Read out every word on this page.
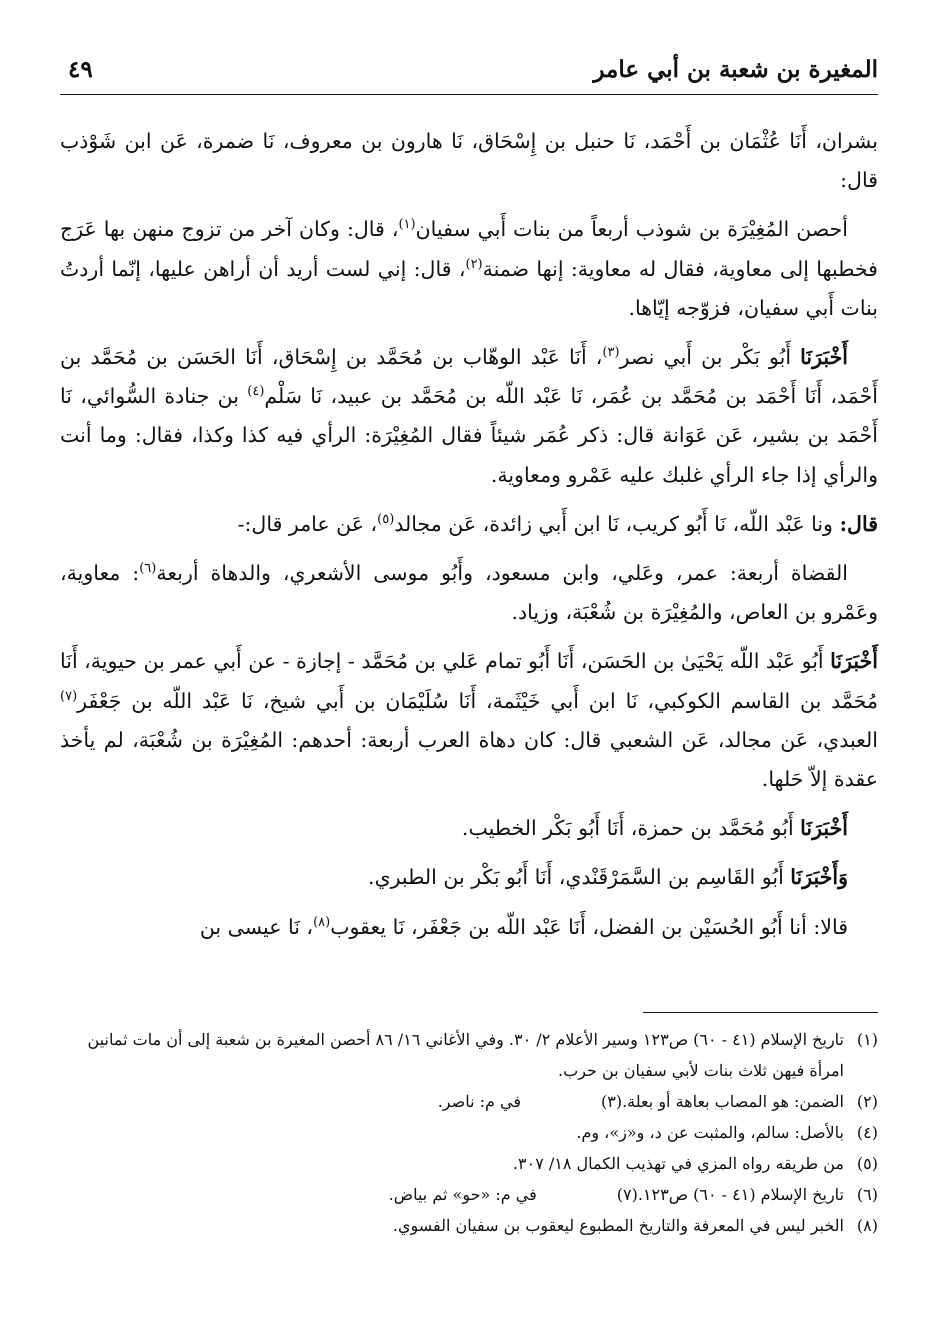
المغيرة بن شعبة بن أبي عامر
٤٩

بشران، أَنَا عُثْمَان بن أَحْمَد، نَا حنبل بن إِسْحَاق، نَا هارون بن معروف، نَا ضمرة، عَن ابن شَوْذب قال:

أحصن المُغِيْرَة بن شوذب أربعاً من بنات أَبي سفيان$^{(١)}$، قال: وكان آخر من تزوج منهن بها عَرَج فخطبها إلى معاوية، فقال له معاوية: إنها ضمنة$^{(٢)}$، قال: إني لست أريد أن أراهن عليها، إنّما أردتُ بنات أَبي سفيان، فزوّجه إيّاها.

أَخْبَرَنَا أَبُو بَكْر بن أَبي نصر$^{(٣)}$، أَنَا عَبْد الوهّاب بن مُحَمَّد بن إِسْحَاق، أَنَا الحَسَن بن مُحَمَّد بن أَحْمَد، أَنَا أَحْمَد بن مُحَمَّد بن عُمَر، نَا عَبْد اللّه بن مُحَمَّد بن عبيد، نَا سَلْم$^{(٤)}$ بن جنادة السُّوائي، نَا أَحْمَد بن بشير، عَن عَوَانة قال: ذكر عُمَر شيئاً فقال المُغِيْرَة: الرأي فيه كذا وكذا، فقال: وما أنت والرأي إذا جاء الرأي غلبك عليه عَمْرو ومعاوية.

قال: ونا عَبْد اللّه، نَا أَبُو كريب، نَا ابن أَبي زائدة، عَن مجالد$^{(٥)}$، عَن عامر قال:-

القضاة أربعة: عمر، وعَلي، وابن مسعود، وأَبُو موسى الأشعري، والدهاة أربعة$^{(٦)}$: معاوية، وعَمْرو بن العاص، والمُغِيْرَة بن شُعْبَة، وزياد.

أَخْبَرَنَا أَبُو عَبْد اللّه يَحْيَىٰ بن الحَسَن، أَنَا أَبُو تمام عَلي بن مُحَمَّد - إجازة - عن أَبي عمر بن حيوية، أَنَا مُحَمَّد بن القاسم الكوكبي، نَا ابن أَبي خَيْثَمة، أَنَا سُلَيْمَان بن أَبي شيخ، نَا عَبْد اللّه بن جَعْفَر$^{(٧)}$ العبدي، عَن مجالد، عَن الشعبي قال: كان دهاة العرب أربعة: أحدهم: المُغِيْرَة بن شُعْبَة، لم يأخذ عقدة إلاّ حَلها.

أَخْبَرَنَا أَبُو مُحَمَّد بن حمزة، أَنَا أَبُو بَكْر الخطيب.

وَأَخْبَرَنَا أَبُو القَاسِم بن السَّمَرْقَنْدي، أَنَا أَبُو بَكْر بن الطبري.

قالا: أنا أَبُو الحُسَيْن بن الفضل، أَنَا عَبْد اللّه بن جَعْفَر، نَا يعقوب$^{(٨)}$، نَا عيسى بن

(١)
تاريخ الإسلام (٤١ - ٦٠) ص١٢٣ وسير الأعلام ٢/ ٣٠. وفي الأغاني ١٦/ ٨٦ أحصن المغيرة بن شعبة إلى أن مات ثمانين امرأة فيهن ثلاث بنات لأبي سفيان بن حرب.
(٢)
الضمن: هو المصاب بعاهة أو بعلة.
(٣)
في م: ناصر.
(٤)
بالأصل: سالم، والمثبت عن د، و«ز»، وم.
(٥)
من طريقه رواه المزي في تهذيب الكمال ١٨/ ٣٠٧.
(٦)
تاريخ الإسلام (٤١ - ٦٠) ص١٢٣.
(٧)
في م: «حو» ثم بياض.
(٨)
الخبر ليس في المعرفة والتاريخ المطبوع ليعقوب بن سفيان الفسوي.
